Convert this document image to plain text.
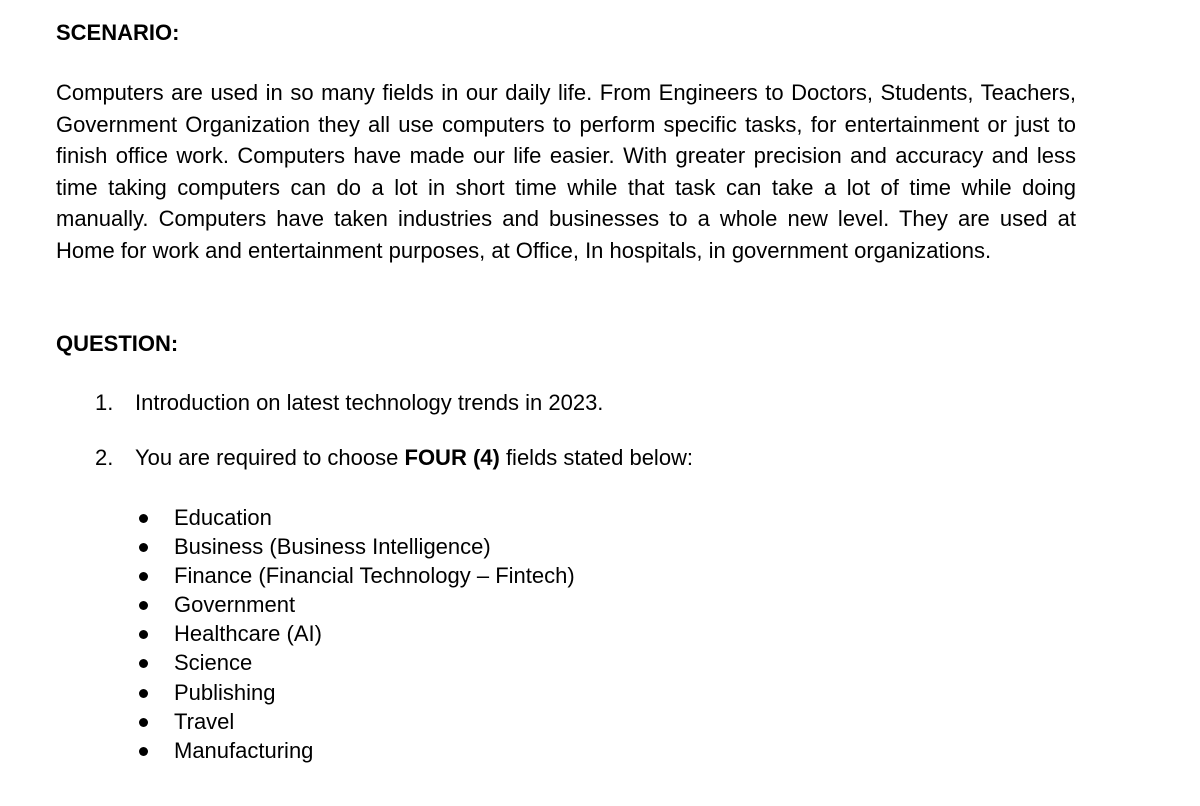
SCENARIO:

Computers are used in so many fields in our daily life. From Engineers to Doctors, Students, Teachers, Government Organization they all use computers to perform specific tasks, for entertainment or just to finish office work. Computers have made our life easier. With greater precision and accuracy and less time taking computers can do a lot in short time while that task can take a lot of time while doing manually. Computers have taken industries and businesses to a whole new level. They are used at Home for work and entertainment purposes, at Office, In hospitals, in government organizations.

QUESTION:

1. Introduction on latest technology trends in 2023.

2. You are required to choose FOUR (4) fields stated below:

Education
Business (Business Intelligence)
Finance (Financial Technology – Fintech)
Government
Healthcare (AI)
Science
Publishing
Travel
Manufacturing
